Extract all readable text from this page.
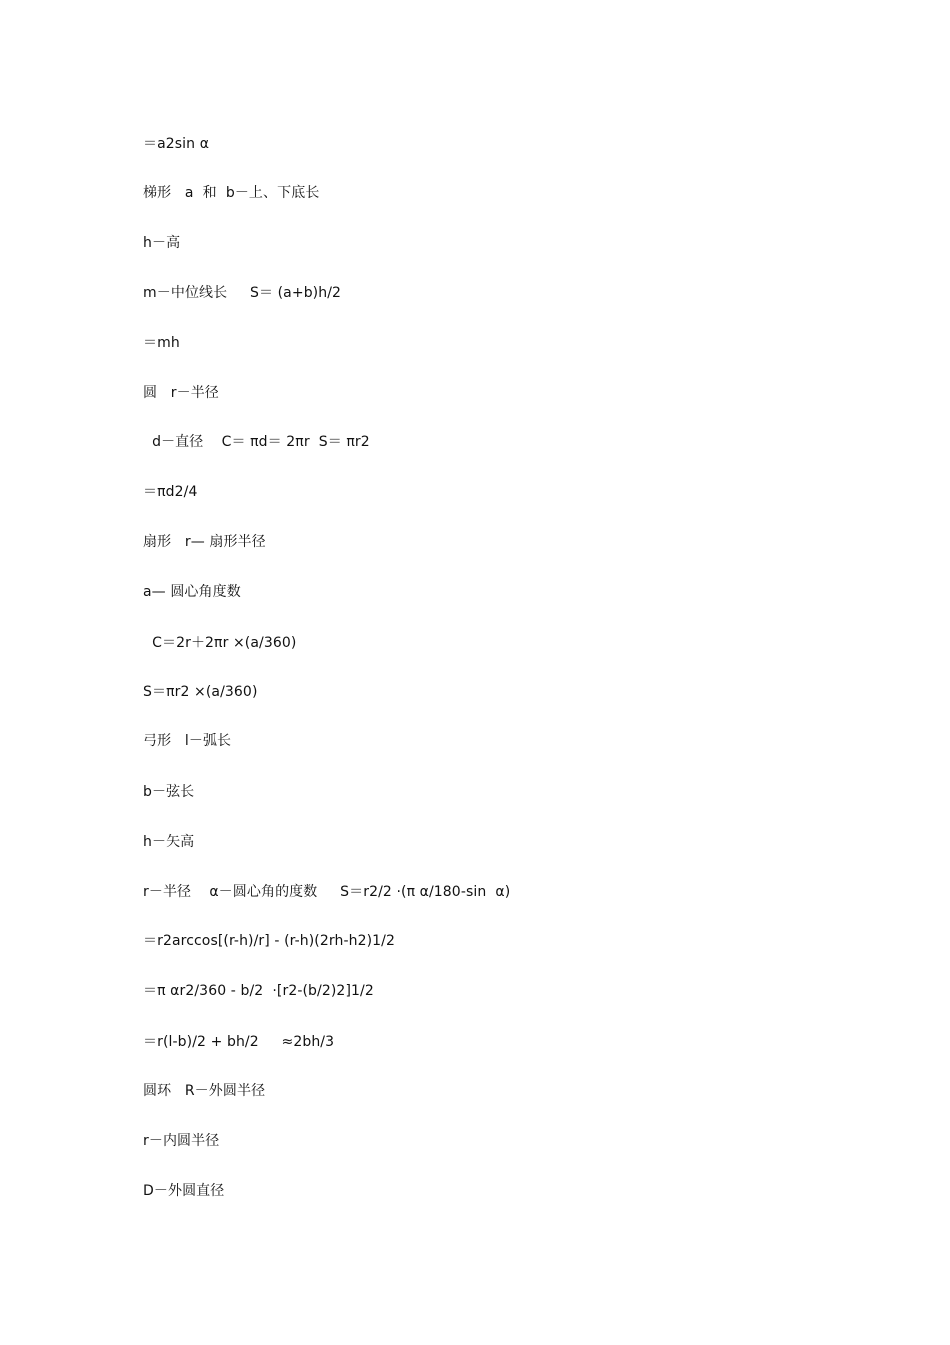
＝a2sin α
梯形   a  和  b－上、下底长
h－高
m－中位线长     S＝ (a+b)h/2
＝mh
圆   r－半径
d－直径    C＝ πd＝ 2πr  S＝ πr2
＝πd2/4
扇形   r— 扇形半径
a— 圆心角度数
C＝2r＋2πr ×(a/360)
S＝πr2 ×(a/360)
弓形   l－弧长
b－弦长
h－矢高
r－半径    α－圆心角的度数     S＝r2/2 ·(π α/180-sin  α)
＝r2arccos[(r-h)/r] - (r-h)(2rh-h2)1/2
＝π αr2/360 - b/2  ·[r2-(b/2)2]1/2
＝r(l-b)/2 + bh/2     ≈2bh/3
圆环   R－外圆半径
r－内圆半径
D－外圆直径
